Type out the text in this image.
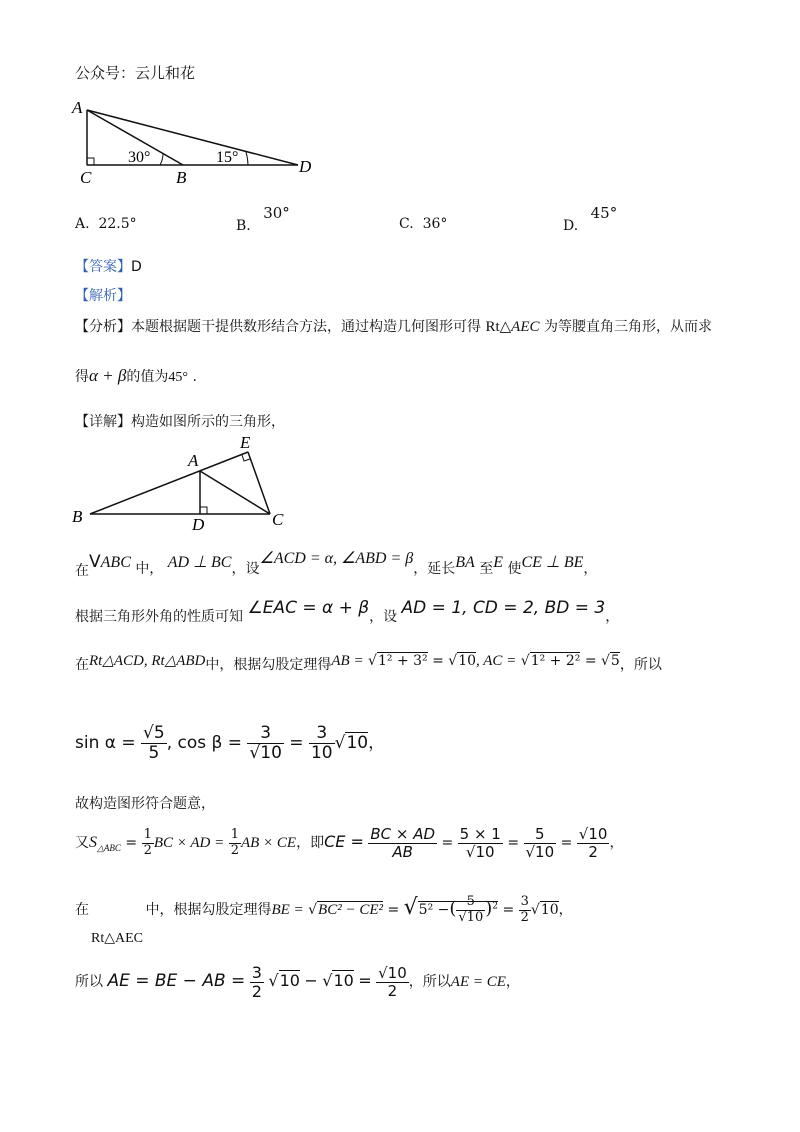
公众号：云儿和花
A
C	B
D
30°	15°
A. 22.5°	B. 30°
C. 36°	D. 45°
【答案】D
【解析】
【分析】本题根据题干提供数形结合方法，通过构造几何图形可得 Rt△AEC 为等腰直角三角形，从而求
得α + β的值为45° .
【详解】构造如图所示的三角形，
B
A
E
D	C
在VABC 中， AD ⊥ BC，设∠ACD = α, ∠ABD = β，延长BA 至E 使CE ⊥ BE，
根据三角形外角的性质可知 ∠EAC = α + β，设 AD = 1, CD = 2, BD = 3，
在Rt△ACD, Rt△ABD中，根据勾股定理得AB = √1² + 3² = √10, AC = √1² + 2² = √5，所以
$\sin \alpha = \frac{√5}{5}$ , $\cos \beta = \frac{3}{√10} = \frac{3}{10} √10$，
故构造图形符合题意，
又$S_{\triangle ABC} = \frac{1}{2}$ BC × AD = $\frac{1}{2}$ AB × CE，即CE = $\frac{BC \times AD}{AB} = \frac{5 \times 1}{√10} = \frac{5}{√10} = \frac{√10}{2}$ ，
在	中，根据勾股定理得BE = √BC² − CE² = √5² −( $\frac{5}{√10} )^2 = \frac{3}{2} √10$，
Rt△AEC
所以 AE = BE − AB = $\frac{3}{2} √10 - √10 = \frac{√10}{2}$ ，所以AE = CE，
